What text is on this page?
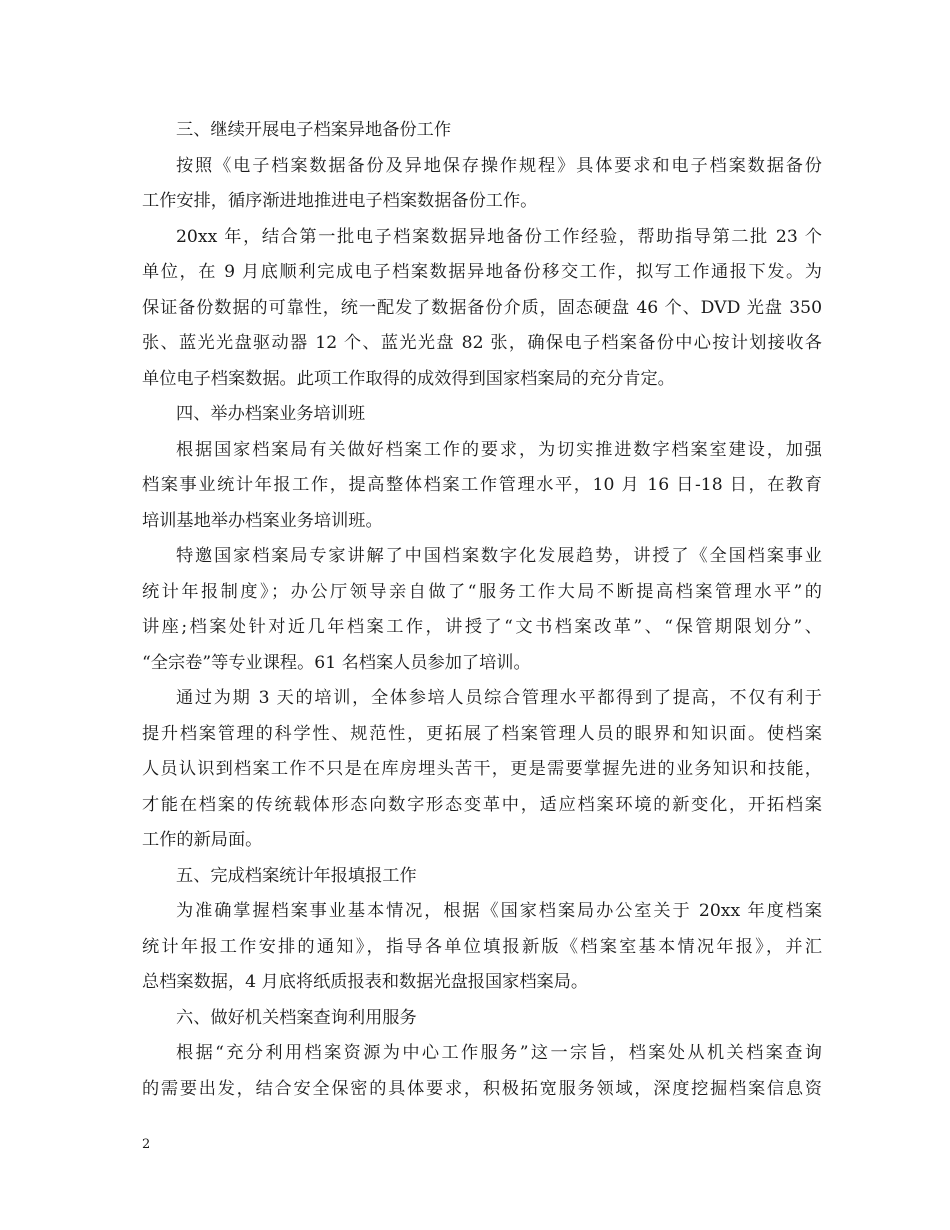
三、继续开展电子档案异地备份工作
按照《电子档案数据备份及异地保存操作规程》具体要求和电子档案数据备份
工作安排，循序渐进地推进电子档案数据备份工作。
20xx 年，结合第一批电子档案数据异地备份工作经验，帮助指导第二批 23 个
单位，在 9 月底顺利完成电子档案数据异地备份移交工作，拟写工作通报下发。为
保证备份数据的可靠性，统一配发了数据备份介质，固态硬盘 46 个、DVD 光盘 350
张、蓝光光盘驱动器 12 个、蓝光光盘 82 张，确保电子档案备份中心按计划接收各
单位电子档案数据。此项工作取得的成效得到国家档案局的充分肯定。
四、举办档案业务培训班
根据国家档案局有关做好档案工作的要求，为切实推进数字档案室建设，加强
档案事业统计年报工作，提高整体档案工作管理水平，10 月 16 日-18 日，在教育
培训基地举办档案业务培训班。
特邀国家档案局专家讲解了中国档案数字化发展趋势，讲授了《全国档案事业
统计年报制度》；办公厅领导亲自做了“服务工作大局不断提高档案管理水平”的
讲座;档案处针对近几年档案工作，讲授了“文书档案改革”、“保管期限划分”、
“全宗卷”等专业课程。61 名档案人员参加了培训。
通过为期 3 天的培训，全体参培人员综合管理水平都得到了提高，不仅有利于
提升档案管理的科学性、规范性，更拓展了档案管理人员的眼界和知识面。使档案
人员认识到档案工作不只是在库房埋头苦干，更是需要掌握先进的业务知识和技能，
才能在档案的传统载体形态向数字形态变革中，适应档案环境的新变化，开拓档案
工作的新局面。
五、完成档案统计年报填报工作
为准确掌握档案事业基本情况，根据《国家档案局办公室关于 20xx 年度档案
统计年报工作安排的通知》，指导各单位填报新版《档案室基本情况年报》，并汇
总档案数据，4 月底将纸质报表和数据光盘报国家档案局。
六、做好机关档案查询利用服务
根据“充分利用档案资源为中心工作服务”这一宗旨，档案处从机关档案查询
的需要出发，结合安全保密的具体要求，积极拓宽服务领域，深度挖掘档案信息资
2
